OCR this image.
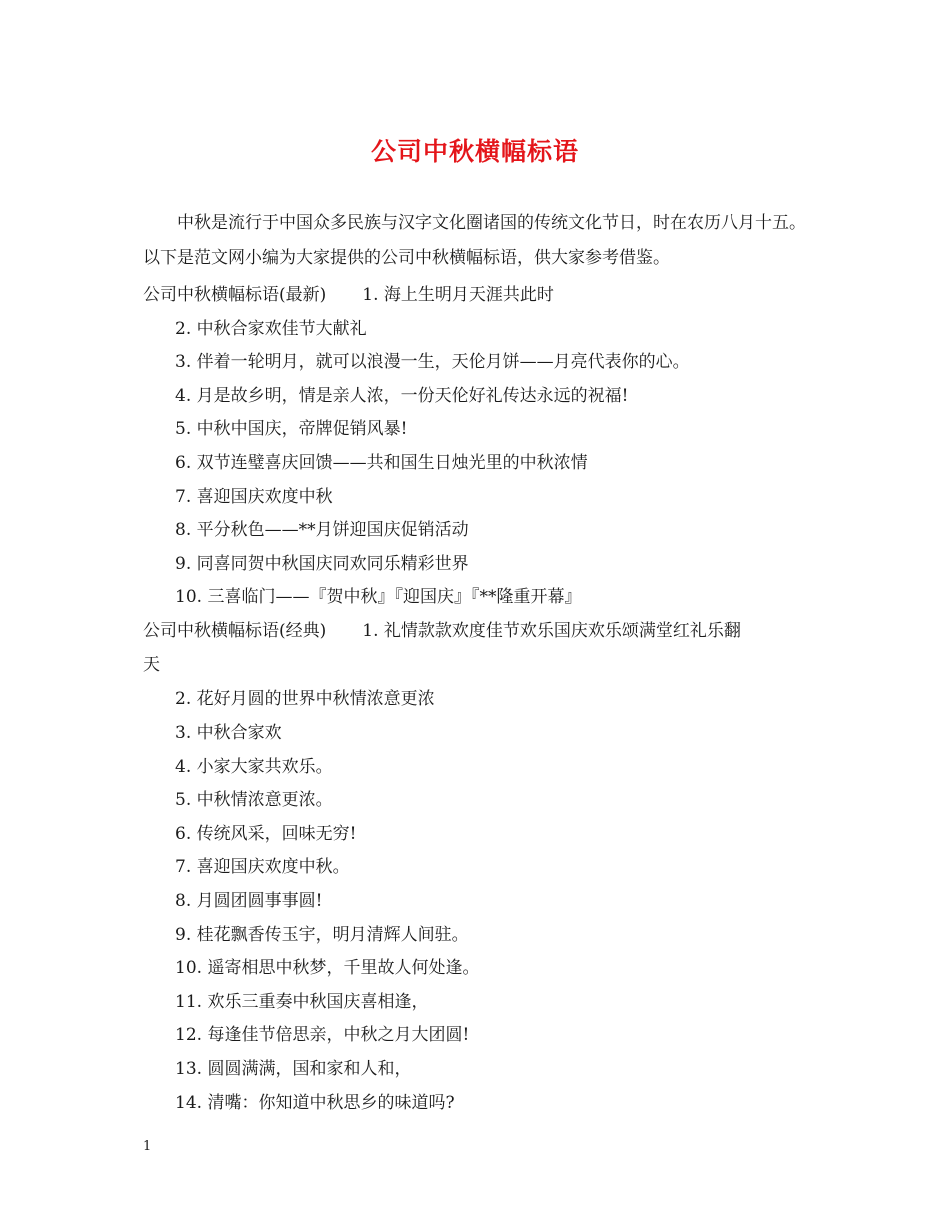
公司中秋横幅标语
中秋是流行于中国众多民族与汉字文化圈诸国的传统文化节日，时在农历八月十五。以下是范文网小编为大家提供的公司中秋横幅标语，供大家参考借鉴。
公司中秋横幅标语(最新) 1. 海上生明月天涯共此时
2. 中秋合家欢佳节大献礼
3. 伴着一轮明月，就可以浪漫一生，天伦月饼——月亮代表你的心。
4. 月是故乡明，情是亲人浓，一份天伦好礼传达永远的祝福!
5. 中秋中国庆，帝牌促销风暴!
6. 双节连璧喜庆回馈——共和国生日烛光里的中秋浓情
7. 喜迎国庆欢度中秋
8. 平分秋色——**月饼迎国庆促销活动
9. 同喜同贺中秋国庆同欢同乐精彩世界
10. 三喜临门——『贺中秋』『迎国庆』『**隆重开幕』
公司中秋横幅标语(经典) 1. 礼情款款欢度佳节欢乐国庆欢乐颂满堂红礼乐翻
天
2. 花好月圆的世界中秋情浓意更浓
3. 中秋合家欢
4. 小家大家共欢乐。
5. 中秋情浓意更浓。
6. 传统风采，回味无穷!
7. 喜迎国庆欢度中秋。
8. 月圆团圆事事圆!
9. 桂花飘香传玉宇，明月清辉人间驻。
10. 遥寄相思中秋梦，千里故人何处逢。
11. 欢乐三重奏中秋国庆喜相逢，
12. 每逢佳节倍思亲，中秋之月大团圆!
13. 圆圆满满，国和家和人和，
14. 清嘴：你知道中秋思乡的味道吗?
1
